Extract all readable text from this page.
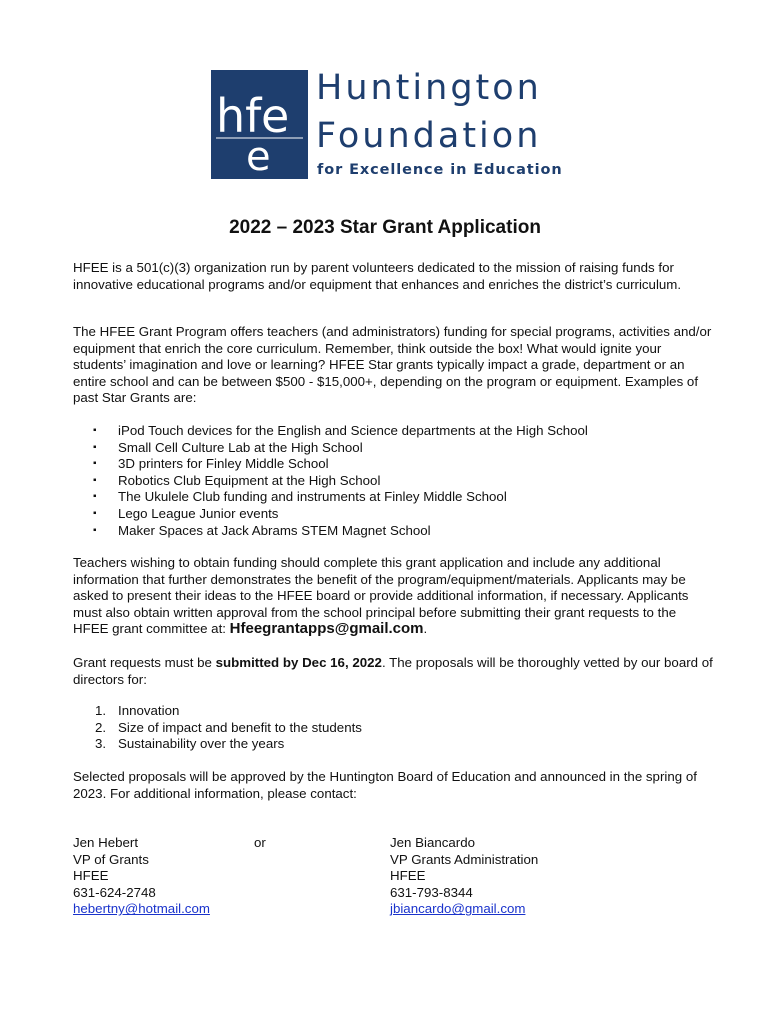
hf e
e
Huntington
Foundation
for Excellence in Education
2022 – 2023 Star Grant Application

HFEE is a 501(c)(3) organization run by parent volunteers dedicated to the mission of raising funds for innovative educational programs and/or equipment that enhances and enriches the district’s curriculum.

The HFEE Grant Program offers teachers (and administrators) funding for special programs, activities and/or equipment that enrich the core curriculum. Remember, think outside the box! What would ignite your students’ imagination and love or learning? HFEE Star grants typically impact a grade, department or an entire school and can be between $500 - $15,000+, depending on the program or equipment. Examples of past Star Grants are:

▪ iPod Touch devices for the English and Science departments at the High School
▪ Small Cell Culture Lab at the High School
▪ 3D printers for Finley Middle School
▪ Robotics Club Equipment at the High School
▪ The Ukulele Club funding and instruments at Finley Middle School
▪ Lego League Junior events
▪ Maker Spaces at Jack Abrams STEM Magnet School

Teachers wishing to obtain funding should complete this grant application and include any additional information that further demonstrates the benefit of the program/equipment/materials. Applicants may be asked to present their ideas to the HFEE board or provide additional information, if necessary. Applicants must also obtain written approval from the school principal before submitting their grant requests to the HFEE grant committee at: Hfeegrantapps@gmail.com.

Grant requests must be submitted by Dec 16, 2022. The proposals will be thoroughly vetted by our board of directors for:

1. Innovation
2. Size of impact and benefit to the students
3. Sustainability over the years

Selected proposals will be approved by the Huntington Board of Education and announced in the spring of 2023. For additional information, please contact:

Jen Hebert
VP of Grants
HFEE
631-624-2748
hebertny@hotmail.com
or	Jen Biancardo
VP Grants Administration
HFEE
631-793-8344
jbiancardo@gmail.com
